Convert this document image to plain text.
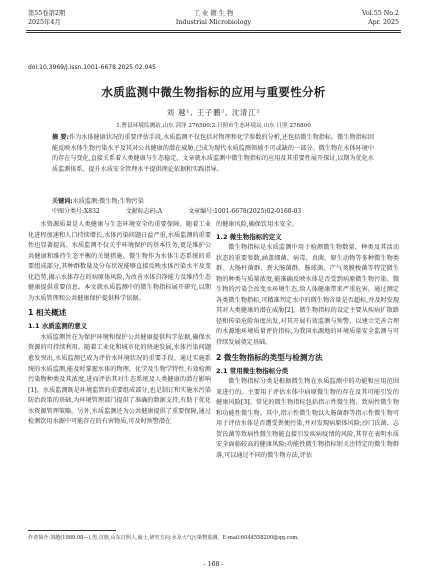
第55卷第2期
2025年4月
工 业 微 生 物
Industrial Microbiology
Vol.55 No.2
Apr. 2025
doi:10.3969/j.issn.1001-6678.2025.02.045
水质监测中微生物指标的应用与重要性分析
刘 越¹, 王子鹏², 沈清江²
1.曹县环境监测站,山东 菏泽 276500;2.日照市生态环境局,山东 日照 276800
摘 要:作为水体健康状况的重要评估手段,水质监测不仅包括对物理和化学参数的分析,还包括微生物指标。微生物指标因能反映水体生物污染水平及其对公共健康的潜在威胁,已成为现代水质监测领域不可或缺的一部分。微生物在水体环境中的存在与变化,直接关系着人类健康与生态稳定。文章就水质监测中微生物指标的应用及其重要性展开探讨,以期为优化水质监测体系、提升水质安全管理水平提供理论依据和实践指导。
关键词:水质监测;微生物;生物污染
中图分类号:X832	文献标志码:A	文章编号:1001-6678(2025)02-0168-03

水资源质量是人类健康与生态环境安全的重要保障。随着工业化进程加速和人口持续增长,水体污染问题日益严重,水质监测的重要性也显著提高。水质监测不仅关乎环境保护的基本任务,更是维护公共健康和维持生态平衡的关键措施。微生物作为水体生态系统的重要组成部分,其种群数量及分布状况能够直接反映水体污染水平及变化趋势,揭示水体存在的病原体风险,为改善水体自净能力及维持生态健康提供重要信息。本文就水质监测中的微生物指标展开研究,以期为水质管理和公共健康保护提供科学依据。

1 相关概述
1.1 水质监测的意义

水质监测旨在为保护环境和保护公共健康提供科学依据,确保水资源的可持续利用。随着工业化和城市化的快速发展,水体污染问题愈发突出,水质监测已成为评价水环境状况的重要手段。通过实施系统的水质监测,能及时掌握水体的物理、化学及生物学特性,有效检测污染物种类及其浓度,进而评估其对生态系统及人类健康的潜在影响[1]。水质监测既是环境监管的重要组成部分,也是制订和实施水污染防治政策的基础,为环境管理部门提供了准确的数据支持,有助于优化水资源管理策略。另外,水质监测还为公共健康提供了重要保障,通过检测饮用水源中可能存在的有害物质,可及时预警潜在

的健康风险,确保饮用水安全。

1.2 微生物指标的定义

微生物指标是水质监测中用于检测微生物数量、种类及其活动状态的重要参数,涵盖细菌、病毒、真菌、原生动物等多种微生物类群。大肠杆菌群、粪大肠菌群、肠球菌、产气荚膜梭菌等特定微生物的种类与质量浓度,能准确反映水体是否受到病原微生物污染。微生物的污染会改变水环境生态,给人体健康带来严重危害。通过测定各类微生物指标,可精准判定水中的微生物含量是否超标,并及时发现其对人类健康的潜在威胁[2]。微生物指标的设定主要从疾病扩散路径和传染危险角度出发,对其开展有效监测与预警。以建立完善合理的水源地环境质量评价指标,为我国水源地的环境质量安全监测与可持续发展奠定基础。

2 微生物指标的类型与检测方法
2.1 常用微生物指标分类

微生物指标分类是根据微生物在水质监测中的功能和应用范围来进行的。主要用于评估水体中病原微生物的存在及其可能引发的健康风险[3]。常见的微生物指标包括指示性微生物、致病性微生物和功能性微生物。其中,指示性微生物以大肠菌群等指示性微生物可用于评估水体是否遭受粪便污染,并对发现病原体风险;沙门氏菌、志贺氏菌等致病性微生物能直接引发疾病疫情的风险,其存在表明水质安全面临较高的健康风险;功能性微生物指标则关注特定的微生物群落,可以通过不同的微生物方法,评估

作者简介:刘越(1989.08—),男,汉族,山东日照人,硕士,研究方向:水及大气污染物监测。E-mail:6044558200@qq.com。
- 168 -
